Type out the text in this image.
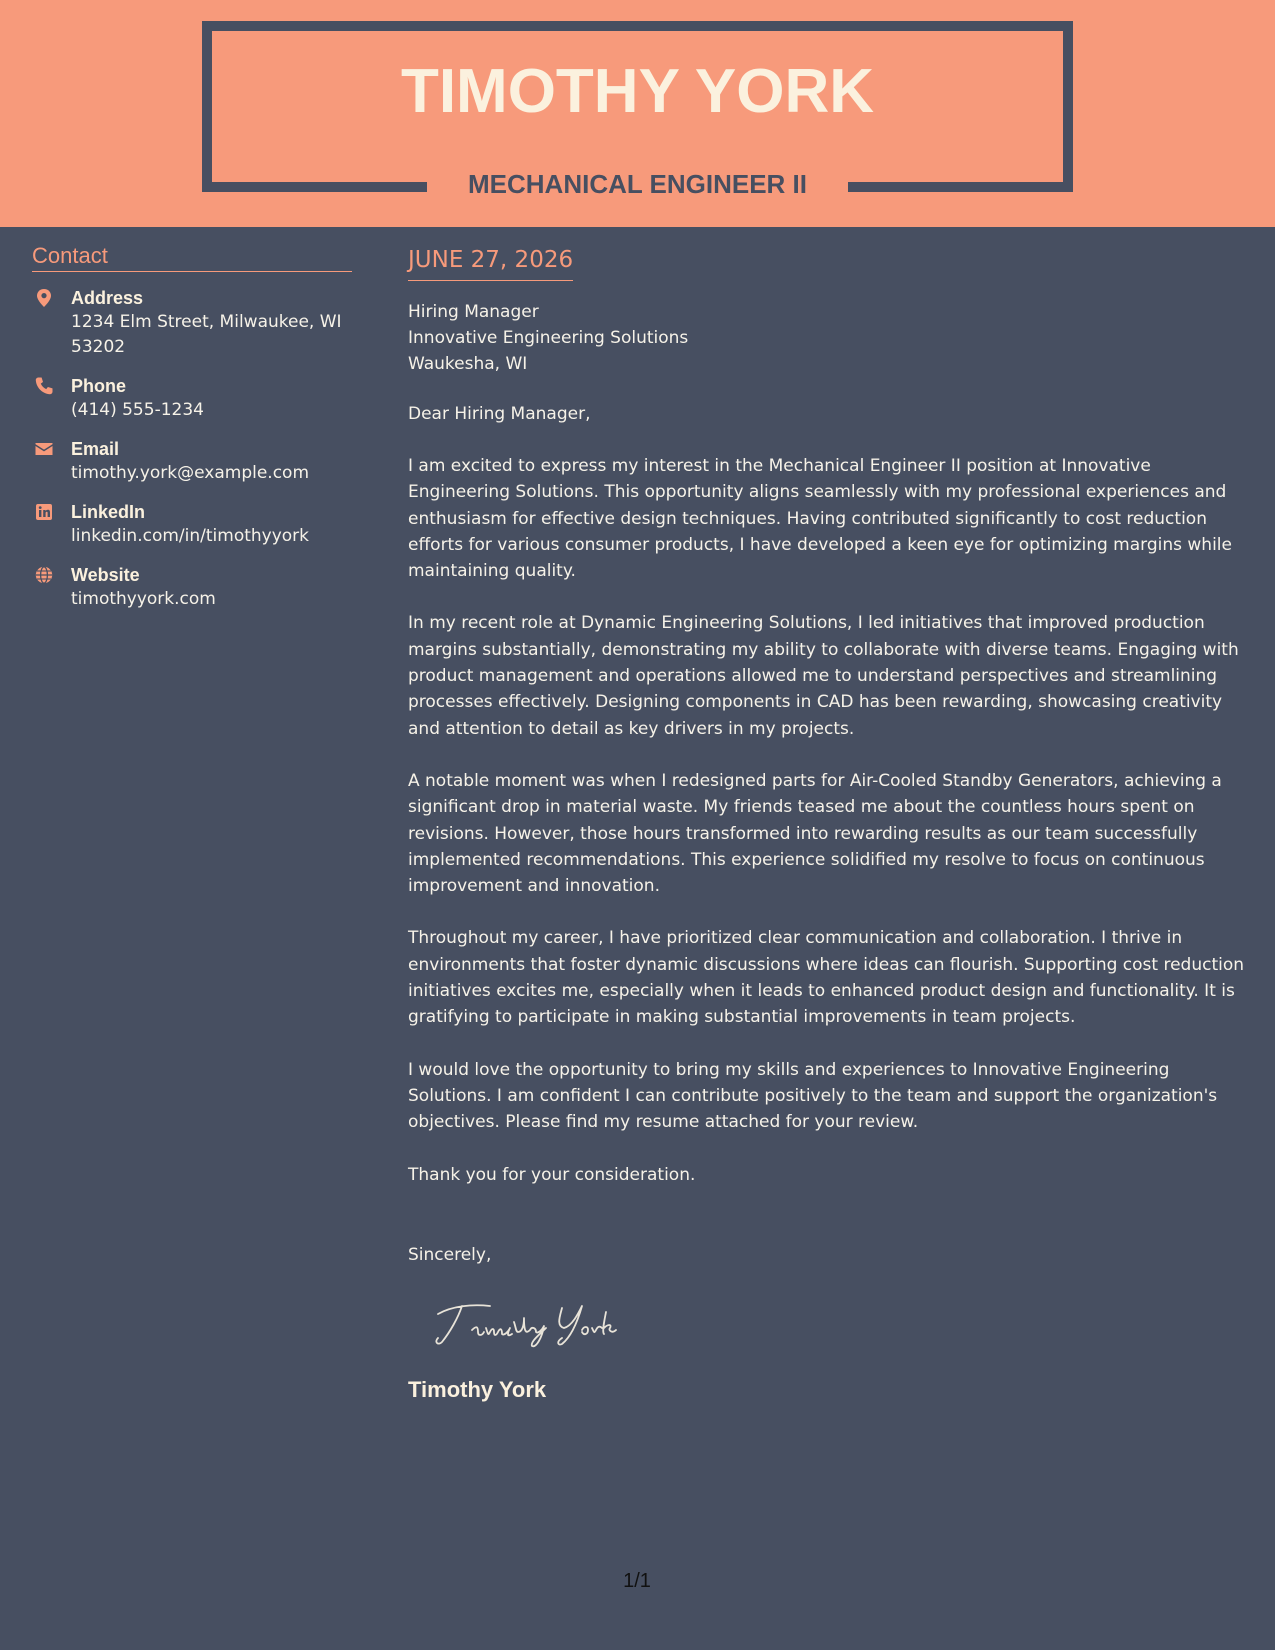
TIMOTHY YORK
MECHANICAL ENGINEER II
Contact
Address
1234 Elm Street, Milwaukee, WI 53202
Phone
(414) 555-1234
Email
timothy.york@example.com
LinkedIn
linkedin.com/in/timothyyork
Website
timothyyork.com
JUNE 27, 2026
Hiring Manager
Innovative Engineering Solutions
Waukesha, WI
Dear Hiring Manager,

I am excited to express my interest in the Mechanical Engineer II position at Innovative Engineering Solutions. This opportunity aligns seamlessly with my professional experiences and enthusiasm for effective design techniques. Having contributed significantly to cost reduction efforts for various consumer products, I have developed a keen eye for optimizing margins while maintaining quality.

In my recent role at Dynamic Engineering Solutions, I led initiatives that improved production margins substantially, demonstrating my ability to collaborate with diverse teams. Engaging with product management and operations allowed me to understand perspectives and streamlining processes effectively. Designing components in CAD has been rewarding, showcasing creativity and attention to detail as key drivers in my projects.

A notable moment was when I redesigned parts for Air-Cooled Standby Generators, achieving a significant drop in material waste. My friends teased me about the countless hours spent on revisions. However, those hours transformed into rewarding results as our team successfully implemented recommendations. This experience solidified my resolve to focus on continuous improvement and innovation.

Throughout my career, I have prioritized clear communication and collaboration. I thrive in environments that foster dynamic discussions where ideas can flourish. Supporting cost reduction initiatives excites me, especially when it leads to enhanced product design and functionality. It is gratifying to participate in making substantial improvements in team projects.

I would love the opportunity to bring my skills and experiences to Innovative Engineering Solutions. I am confident I can contribute positively to the team and support the organization's objectives. Please find my resume attached for your review.

Thank you for your consideration.
Sincerely,
Timothy York
1/1
